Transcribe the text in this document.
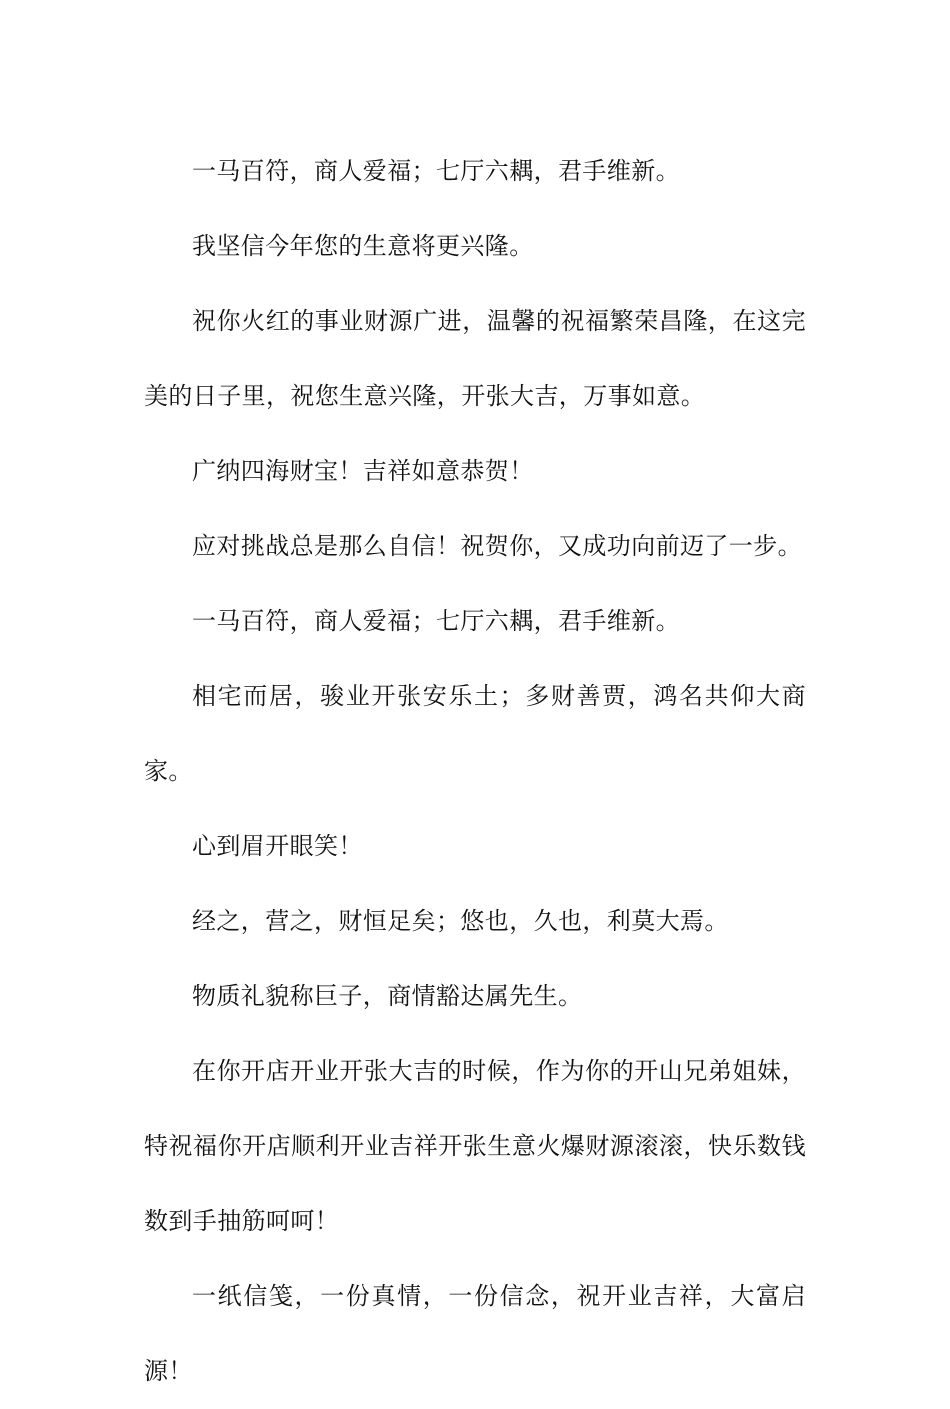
一马百符，商人爱福；七厅六耦，君手维新。

我坚信今年您的生意将更兴隆。

祝你火红的事业财源广进，温馨的祝福繁荣昌隆，在这完美的日子里，祝您生意兴隆，开张大吉，万事如意。

广纳四海财宝！吉祥如意恭贺！

应对挑战总是那么自信！祝贺你，又成功向前迈了一步。

一马百符，商人爱福；七厅六耦，君手维新。

相宅而居，骏业开张安乐土；多财善贾，鸿名共仰大商家。

心到眉开眼笑！

经之，营之，财恒足矣；悠也，久也，利莫大焉。

物质礼貌称巨子，商情豁达属先生。

在你开店开业开张大吉的时候，作为你的开山兄弟姐妹，特祝福你开店顺利开业吉祥开张生意火爆财源滚滚，快乐数钱数到手抽筋呵呵！

一纸信笺，一份真情，一份信念，祝开业吉祥，大富启源！
